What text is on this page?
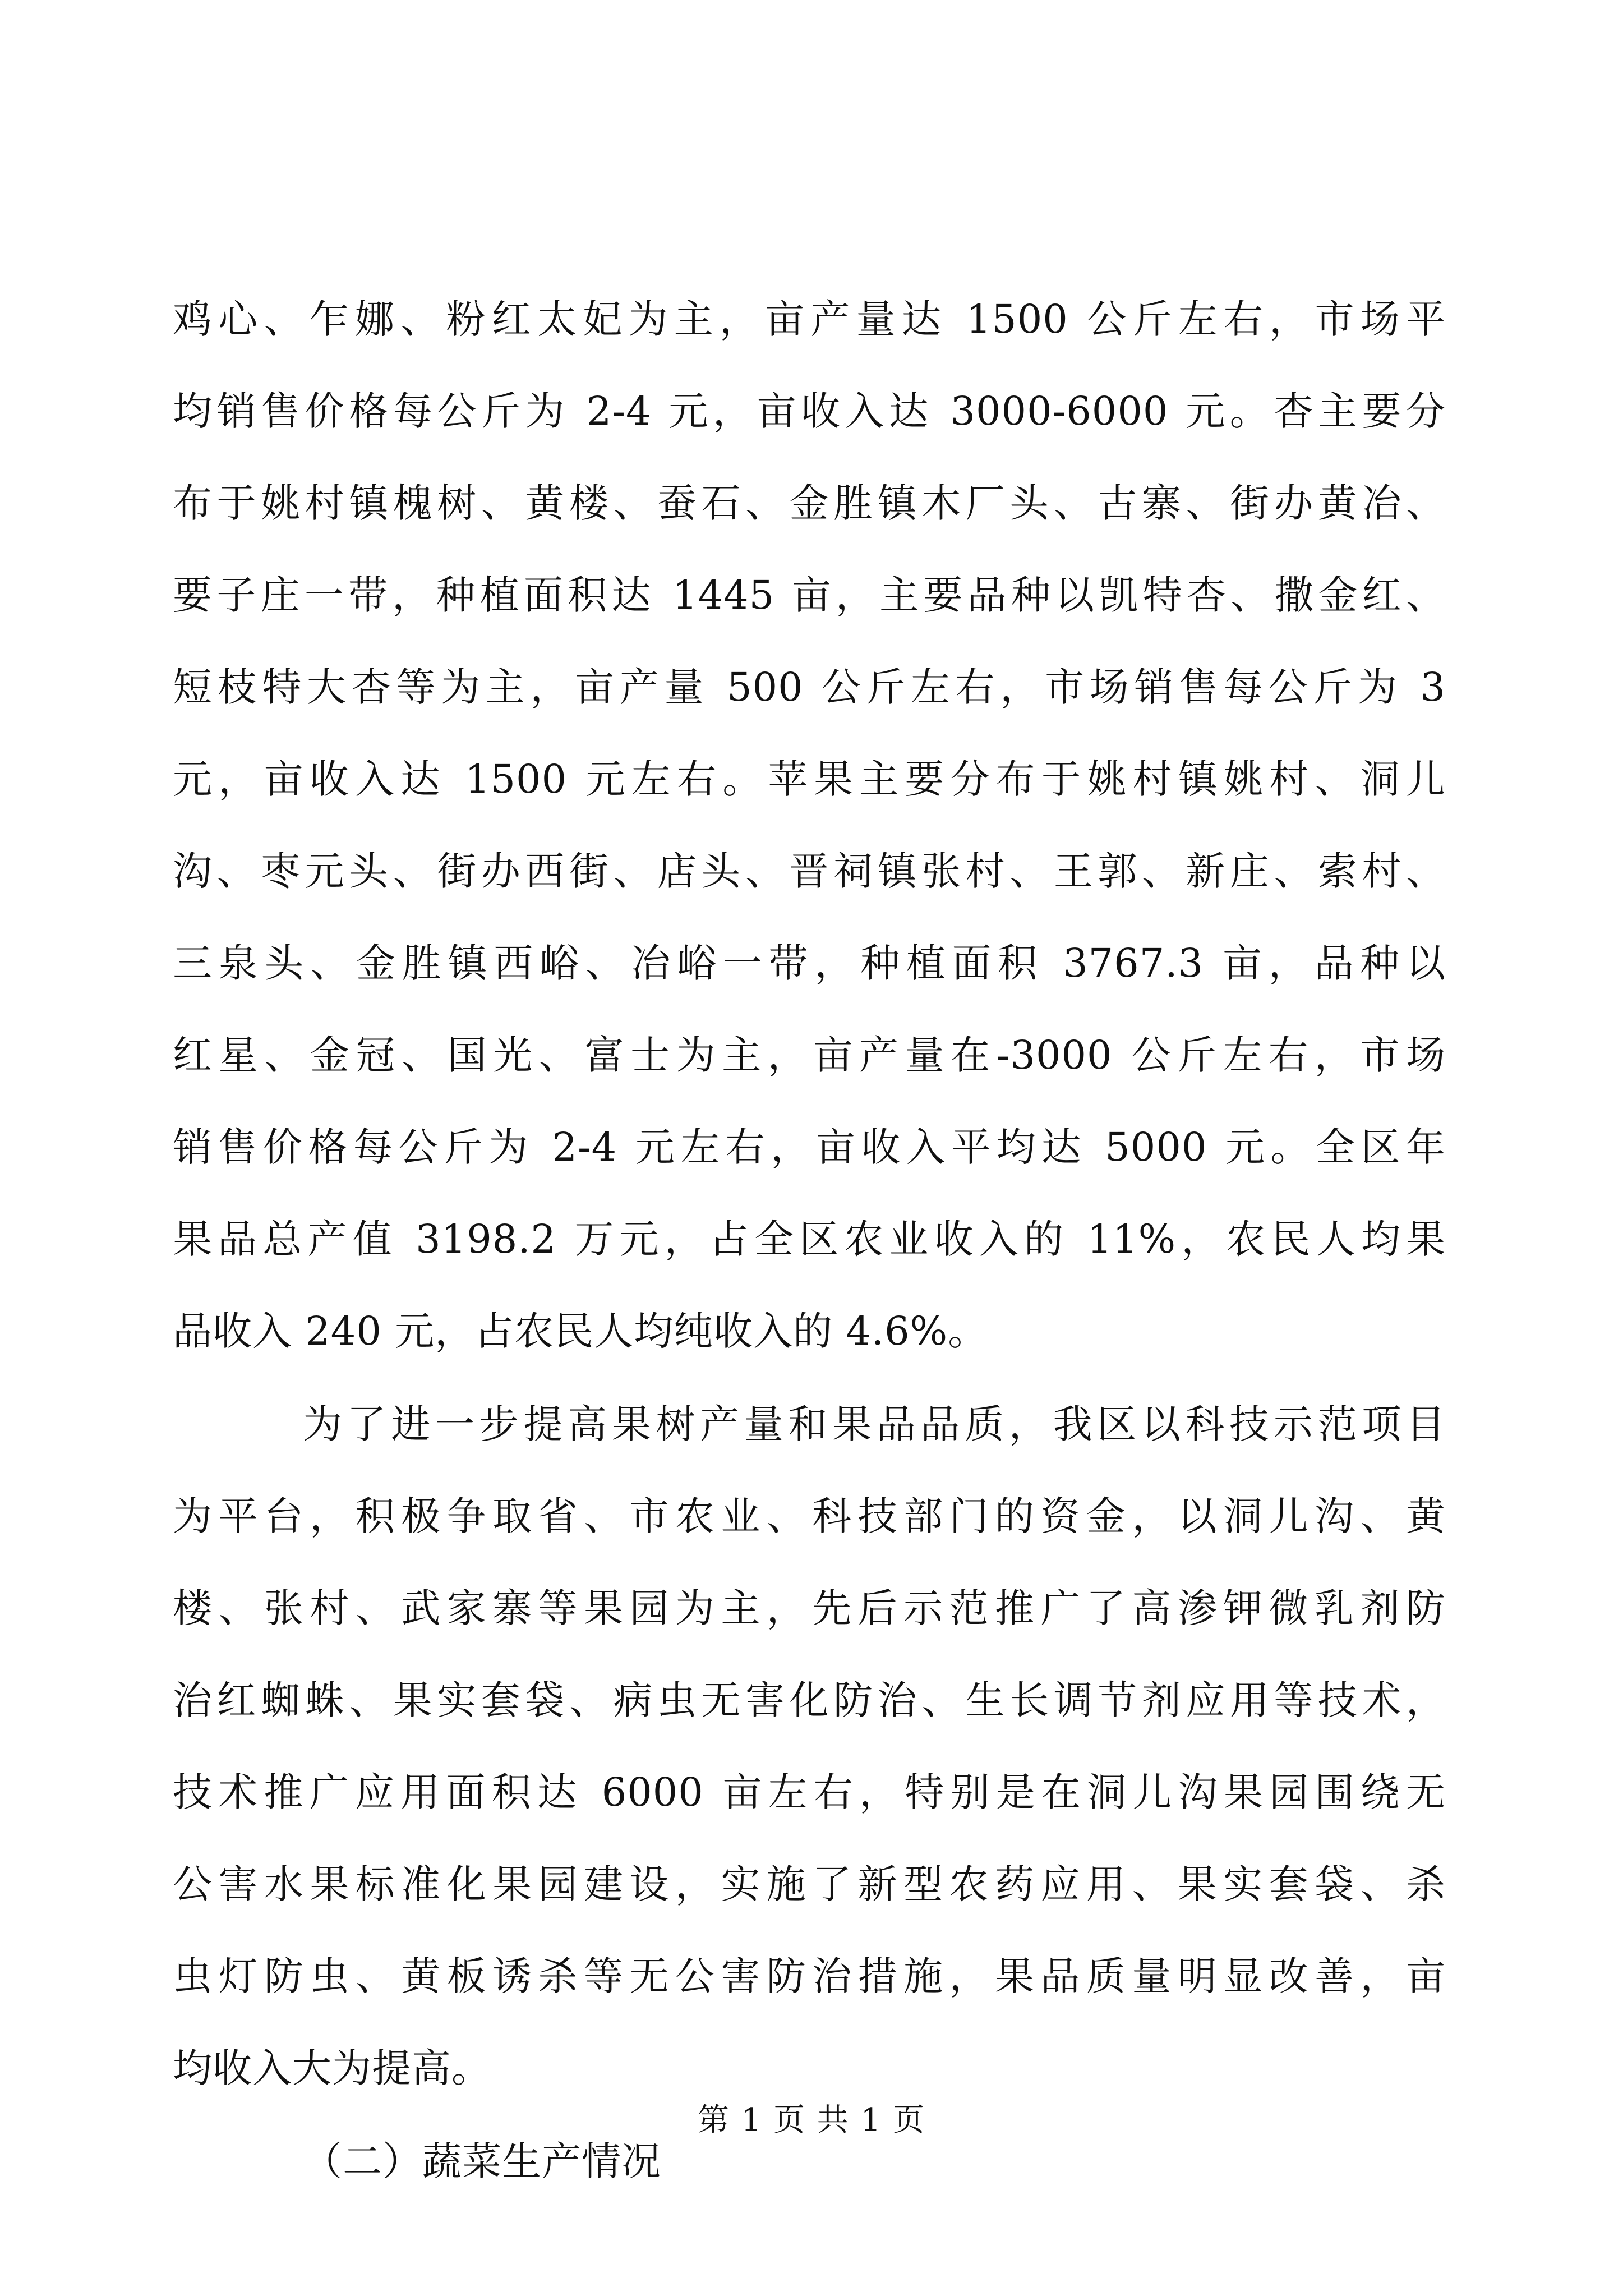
鸡心、乍娜、粉红太妃为主，亩产量达 1500 公斤左右，市场平
均销售价格每公斤为 2-4 元，亩收入达 3000-6000 元。杏主要分
布于姚村镇槐树、黄楼、蚕石、金胜镇木厂头、古寨、街办黄冶、
要子庄一带，种植面积达 1445 亩，主要品种以凯特杏、撒金红、
短枝特大杏等为主，亩产量 500 公斤左右，市场销售每公斤为 3
元，亩收入达 1500 元左右。苹果主要分布于姚村镇姚村、洞儿
沟、枣元头、街办西街、店头、晋祠镇张村、王郭、新庄、索村、
三泉头、金胜镇西峪、冶峪一带，种植面积 3767.3 亩，品种以
红星、金冠、国光、富士为主，亩产量在-3000 公斤左右，市场
销售价格每公斤为 2-4 元左右，亩收入平均达 5000 元。全区年
果品总产值 3198.2 万元，占全区农业收入的 11%，农民人均果
品收入 240 元，占农民人均纯收入的 4.6%。
为了进一步提高果树产量和果品品质，我区以科技示范项目
为平台，积极争取省、市农业、科技部门的资金，以洞儿沟、黄
楼、张村、武家寨等果园为主，先后示范推广了高渗钾微乳剂防
治红蜘蛛、果实套袋、病虫无害化防治、生长调节剂应用等技术，
技术推广应用面积达 6000 亩左右，特别是在洞儿沟果园围绕无
公害水果标准化果园建设，实施了新型农药应用、果实套袋、杀
虫灯防虫、黄板诱杀等无公害防治措施，果品质量明显改善，亩
均收入大为提高。
（二）蔬菜生产情况
第 1 页 共 1 页
